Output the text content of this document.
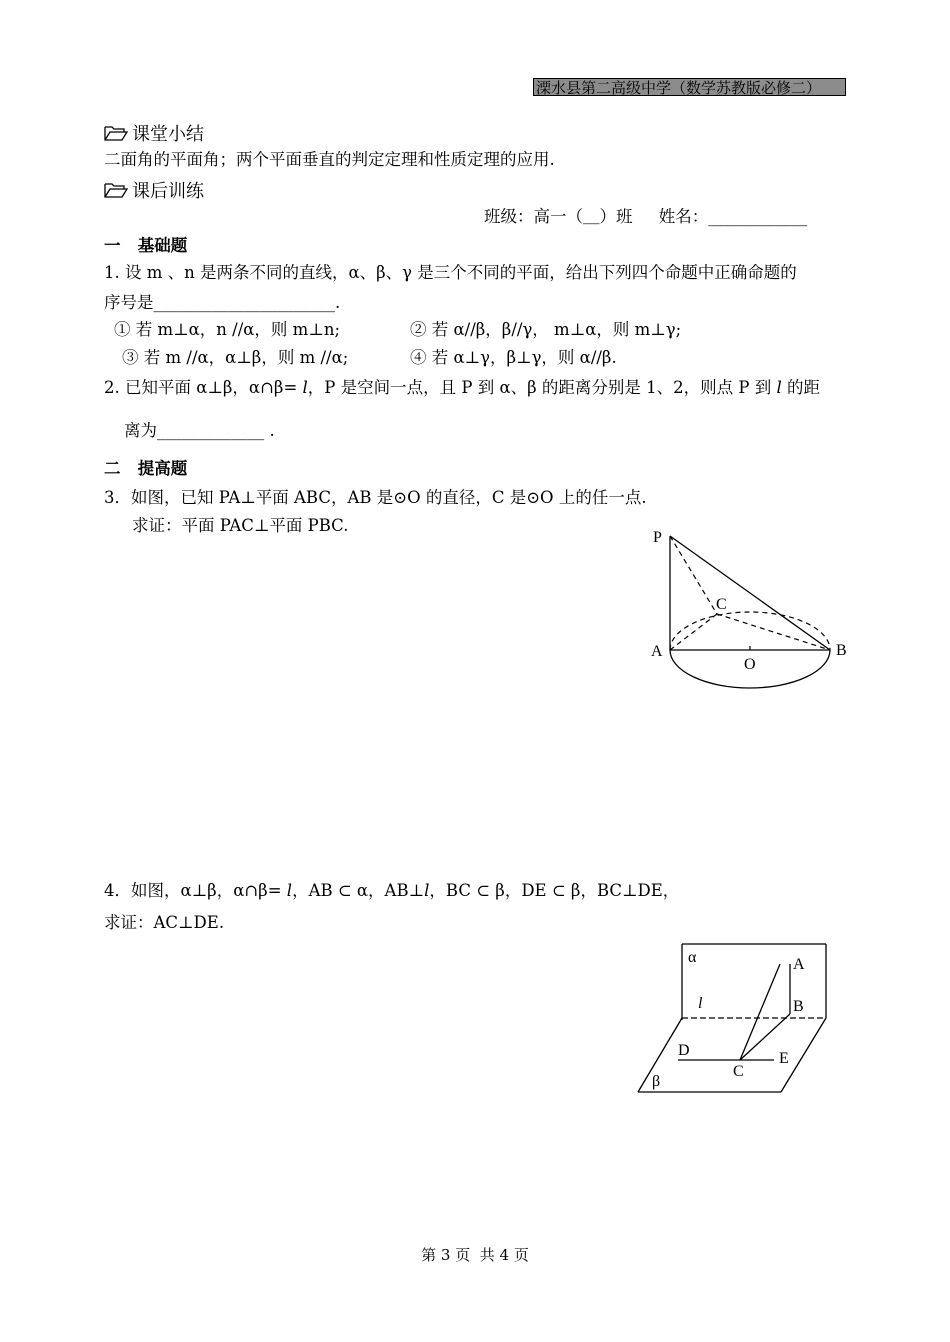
溧水县第二高级中学（数学苏教版必修二）
课堂小结
二面角的平面角；两个平面垂直的判定定理和性质定理的应用.
课后训练
班级：高一（＿）班     姓名：____________
一   基础题
1. 设 m 、n 是两条不同的直线，α、β、γ 是三个不同的平面，给出下列四个命题中正确命题的
序号是______________________.
① 若 m⊥α，n //α，则 m⊥n;	② 若 α//β，β//γ， m⊥α，则 m⊥γ;
③ 若 m //α，α⊥β，则 m //α;	④ 若 α⊥γ，β⊥γ，则 α//β.
2. 已知平面 α⊥β，α∩β= l，P 是空间一点，且 P 到 α、β 的距离分别是 1、2，则点 P 到 l 的距
离为_____________ .
二   提高题
3．如图，已知 PA⊥平面 ABC，AB 是⊙O 的直径，C 是⊙O 上的任一点.
求证：平面 PAC⊥平面 PBC.
P
C
A
O
B
4．如图，α⊥β，α∩β= l，AB ⊂ α，AB⊥l，BC ⊂ β，DE ⊂ β，BC⊥DE，
求证：AC⊥DE.
α	A
l	B
D	E
C
β
第 3 页  共 4 页
